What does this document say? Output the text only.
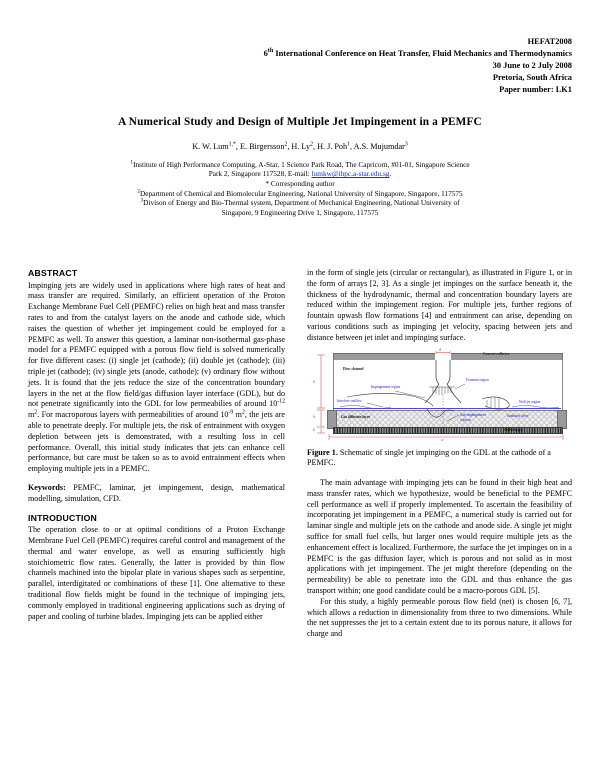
HEFAT2008
6th International Conference on Heat Transfer, Fluid Mechanics and Thermodynamics
30 June to 2 July 2008
Pretoria, South Africa
Paper number: LK1
A Numerical Study and Design of Multiple Jet Impingement in a PEMFC
K. W. Lum$^{1,*}$, E. Birgersson$^2$, H. Ly$^2$, H. J. Poh$^1$, A.S. Mujumdar$^3$
$^1$Institute of High Performance Computing, A-Star, 1 Science Park Road, The Capricorn, #01-01, Singapore Science
Park 2, Singapore 117528, E-mail: lumkw@ihpc.a-star.edu.sg.
* Corresponding author
$^2$Department of Chemical and Biomolecular Engineering, National University of Singapore, Singapore, 117575
$^3$Divison of Energy and Bio-Thermal system, Department of Mechanical Engineering, National University of
Singapore, 9 Engineering Drive 1, Singapore, 117575
ABSTRACT

Impinging jets are widely used in applications where high rates of heat and mass transfer are required. Similarly, an efficient operation of the Proton Exchange Membrane Fuel Cell (PEMFC) relies on high heat and mass transfer rates to and from the catalyst layers on the anode and cathode side, which raises the question of whether jet impingement could be employed for a PEMFC as well. To answer this question, a laminar non-isothermal gas-phase model for a PEMFC equipped with a porous flow field is solved numerically for five different cases: (i) single jet (cathode); (ii) double jet (cathode); (iii) triple jet (cathode); (iv) single jets (anode, cathode); (v) ordinary flow without jets. It is found that the jets reduce the size of the concentration boundary layers in the net at the flow field/gas diffusion layer interface (GDL), but do not penetrate significantly into the GDL for low permeabilies of around $10^{-12}$ $m^2$. For macroporous layers with permeabilities of around $10^{-9}$ $m^2$, the jets are able to penetrate deeply. For multiple jets, the risk of entrainment with oxygen depletion between jets is demonstrated, with a resulting loss in cell performance. Overall, this initial study indicates that jets can enhance cell performance, but care must be taken so as to avoid entrainment effects when employing multiple jets in a PEMFC.

Keywords: PEMFC, laminar, jet impingement, design, mathematical modelling, simulation, CFD.

INTRODUCTION

The operation close to or at optimal conditions of a Proton Exchange Membrane Fuel Cell (PEMFC) requires careful control and management of the thermal and water envelope, as well as ensuring sufficiently high stoichiometric flow rates. Generally, the latter is provided by thin flow channels machined into the bipolar plate in various shapes such as serpentine, parallel, interdigitated or combinations of these [1]. One alternative to these traditional flow fields might be found in the technique of impinging jets, commonly employed in traditional engineering applications such as drying of paper and cooling of turbine blades. Impinging jets can be applied either

in the form of single jets (circular or rectangular), as illustrated in Figure 1, or in the form of arrays [2, 3]. As a single jet impinges on the surface beneath it, the thickness of the hydrodynamic, thermal and concentration boundary layers are reduced within the impingement region. For multiple jets, further regions of fountain upwash flow formations [4] and entrainment can arise, depending on various conditions such as impinging jet velocity, spacing between jets and distance between jet inlet and impinging surface.

Flow channel
Current collector
Impingement region
Interface outflow
Fountain region
Wall jet region
Gas diffusion layer	Sub-impingement
contour
boundary layer
Active layer
h
h
h
w
d
Figure 1. Schematic of single jet impinging on the GDL at the cathode of a PEMFC.

The main advantage with impinging jets can be found in their high heat and mass transfer rates, which we hypothesize, would be beneficial to the PEMFC cell performance as well if properly implemented. To ascertain the feasibility of incorporating jet impingement in a PEMFC, a numerical study is carried out for laminar single and multiple jets on the cathode and anode side. A single jet might suffice for small fuel cells, but larger ones would require multiple jets as the enhancement effect is localized. Furthermore, the surface the jet impinges on in a PEMFC is the gas diffusion layer, which is porous and not solid as in most applications with jet impingement. The jet might therefore (depending on the permeability) be able to penetrate into the GDL and thus enhance the gas transport within; one good candidate could be a macro-porous GDL [5].

For this study, a highly permeable porous flow field (net) is chosen [6, 7], which allows a reduction in dimensionality from three to two dimensions. While the net suppresses the jet to a certain extent due to its porous nature, it allows for charge and
